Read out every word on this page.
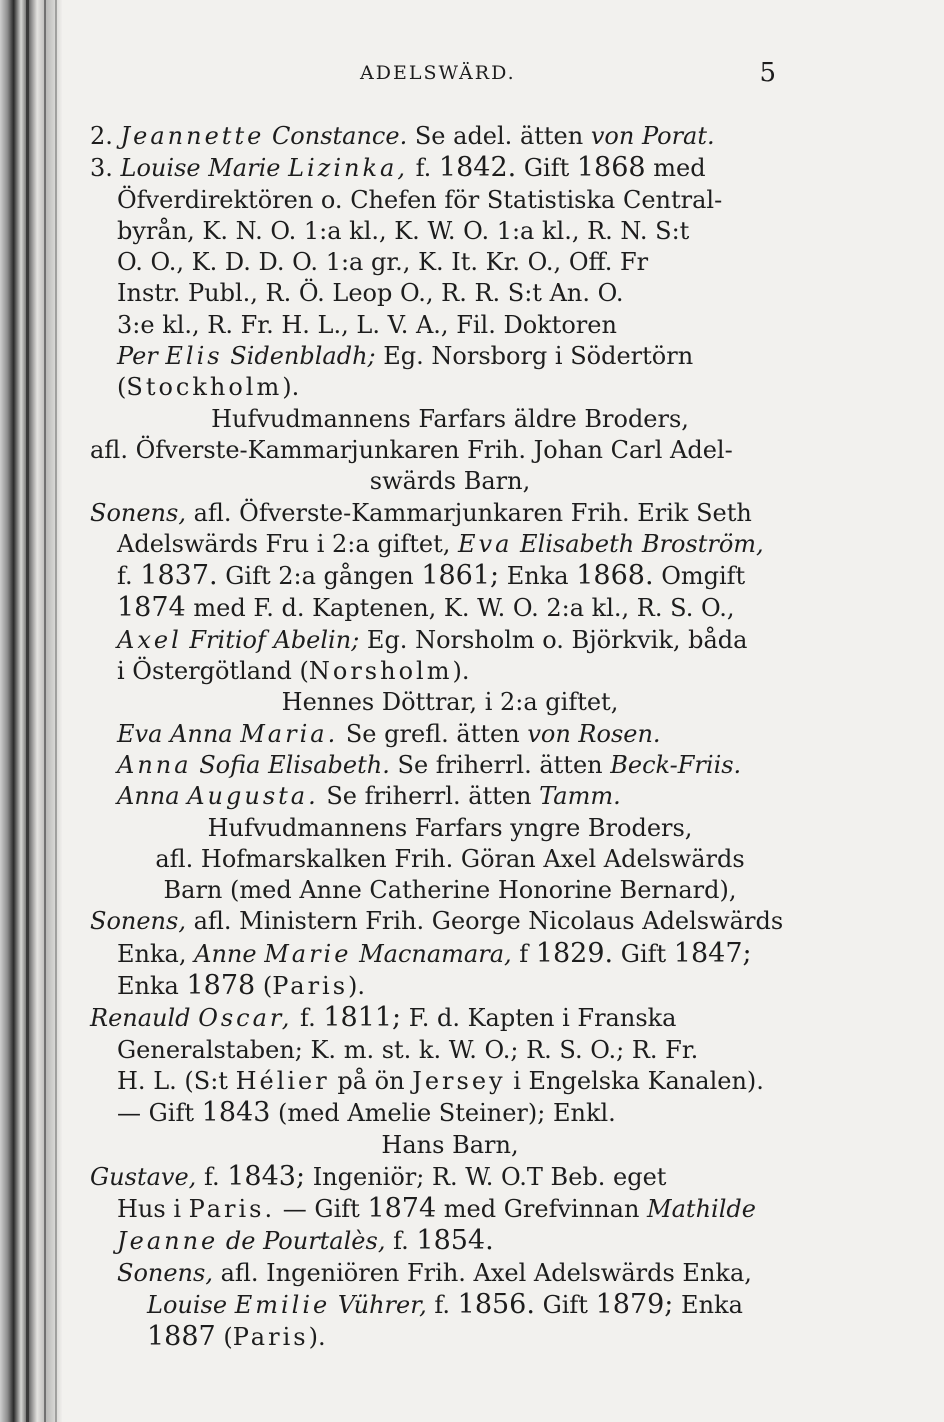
ADELSWÄRD.	5
2. Jeannette Constance. Se adel. ätten von Porat.
3. Louise Marie Lizinka, f. 1842. Gift 1868 med
Öfverdirektören o. Chefen för Statistiska Central-
byrån, K. N. O. 1:a kl., K. W. O. 1:a kl., R. N. S:t
O. O., K. D. D. O. 1:a gr., K. It. Kr. O., Off. Fr
Instr. Publ., R. Ö. Leop O., R. R. S:t An. O.
3:e kl., R. Fr. H. L., L. V. A., Fil. Doktoren
Per Elis Sidenbladh; Eg. Norsborg i Södertörn
(Stockholm).
Hufvudmannens Farfars äldre Broders,
afl. Öfverste-Kammarjunkaren Frih. Johan Carl Adel-
swärds Barn,
Sonens, afl. Öfverste-Kammarjunkaren Frih. Erik Seth
Adelswärds Fru i 2:a giftet, Eva Elisabeth Broström,
f. 1837. Gift 2:a gången 1861; Enka 1868. Omgift
1874 med F. d. Kaptenen, K. W. O. 2:a kl., R. S. O.,
Axel Fritiof Abelin; Eg. Norsholm o. Björkvik, båda
i Östergötland (Norsholm).
Hennes Döttrar, i 2:a giftet,
Eva Anna Maria. Se grefl. ätten von Rosen.
Anna Sofia Elisabeth. Se friherrl. ätten Beck-Friis.
Anna Augusta. Se friherrl. ätten Tamm.
Hufvudmannens Farfars yngre Broders,
afl. Hofmarskalken Frih. Göran Axel Adelswärds
Barn (med Anne Catherine Honorine Bernard),
Sonens, afl. Ministern Frih. George Nicolaus Adelswärds
Enka, Anne Marie Macnamara, f 1829. Gift 1847;
Enka 1878 (Paris).
Renauld Oscar, f. 1811; F. d. Kapten i Franska
Generalstaben; K. m. st. k. W. O.; R. S. O.; R. Fr.
H. L. (S:t Hélier på ön Jersey i Engelska Kanalen).
— Gift 1843 (med Amelie Steiner); Enkl.
Hans Barn,
Gustave, f. 1843; Ingeniör; R. W. O.T Beb. eget
Hus i Paris. — Gift 1874 med Grefvinnan Mathilde
Jeanne de Pourtalès, f. 1854.
Sonens, afl. Ingeniören Frih. Axel Adelswärds Enka,
Louise Emilie Vührer, f. 1856. Gift 1879; Enka
1887 (Paris).
